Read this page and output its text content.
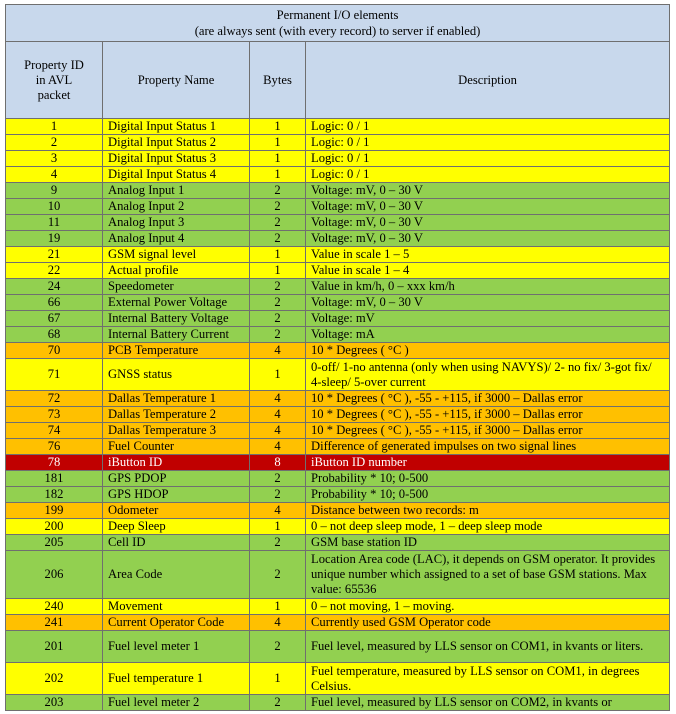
Permanent I/O elements
(are always sent (with every record) to server if enabled)			

Property ID
in AVL
packet	Property Name	Bytes	Description
1	Digital Input Status 1	1	Logic: 0 / 1
2	Digital Input Status 2	1	Logic: 0 / 1
3	Digital Input Status 3	1	Logic: 0 / 1
4	Digital Input Status 4	1	Logic: 0 / 1
9	Analog Input 1	2	Voltage: mV, 0 – 30 V
10	Analog Input 2	2	Voltage: mV, 0 – 30 V
11	Analog Input 3	2	Voltage: mV, 0 – 30 V
19	Analog Input 4	2	Voltage: mV, 0 – 30 V
21	GSM signal level	1	Value in scale 1 – 5
22	Actual profile	1	Value in scale 1 – 4
24	Speedometer	2	Value in km/h, 0 – xxx km/h
66	External Power Voltage	2	Voltage: mV, 0 – 30 V
67	Internal Battery Voltage	2	Voltage: mV
68	Internal Battery Current	2	Voltage: mA
70	PCB Temperature	4	10 * Degrees ( °C )
71	GNSS status	1	0-off/ 1-no antenna (only when using NAVYS)/ 2- no fix/ 3-got fix/ 4-sleep/ 5-over current
72	Dallas Temperature 1	4	10 * Degrees ( °C ), -55 - +115, if 3000 – Dallas error
73	Dallas Temperature 2	4	10 * Degrees ( °C ), -55 - +115, if 3000 – Dallas error
74	Dallas Temperature 3	4	10 * Degrees ( °C ), -55 - +115, if 3000 – Dallas error
76	Fuel Counter	4	Difference of generated impulses on two signal lines
78	iButton ID	8	iButton ID number
181	GPS PDOP	2	Probability * 10; 0-500
182	GPS HDOP	2	Probability * 10; 0-500
199	Odometer	4	Distance between two records: m
200	Deep Sleep	1	0 – not deep sleep mode, 1 – deep sleep mode
205	Cell ID	2	GSM base station ID
206	Area Code	2	Location Area code (LAC), it depends on GSM operator. It provides unique number which assigned to a set of base GSM stations. Max value: 65536
240	Movement	1	0 – not moving, 1 – moving.
241	Current Operator Code	4	Currently used GSM Operator code
201	Fuel level meter 1	2	Fuel level, measured by LLS sensor on COM1, in kvants or liters.
202	Fuel temperature 1	1	Fuel temperature, measured by LLS sensor on COM1, in degrees Celsius.
203	Fuel level meter 2	2	Fuel level, measured by LLS sensor on COM2, in kvants or
